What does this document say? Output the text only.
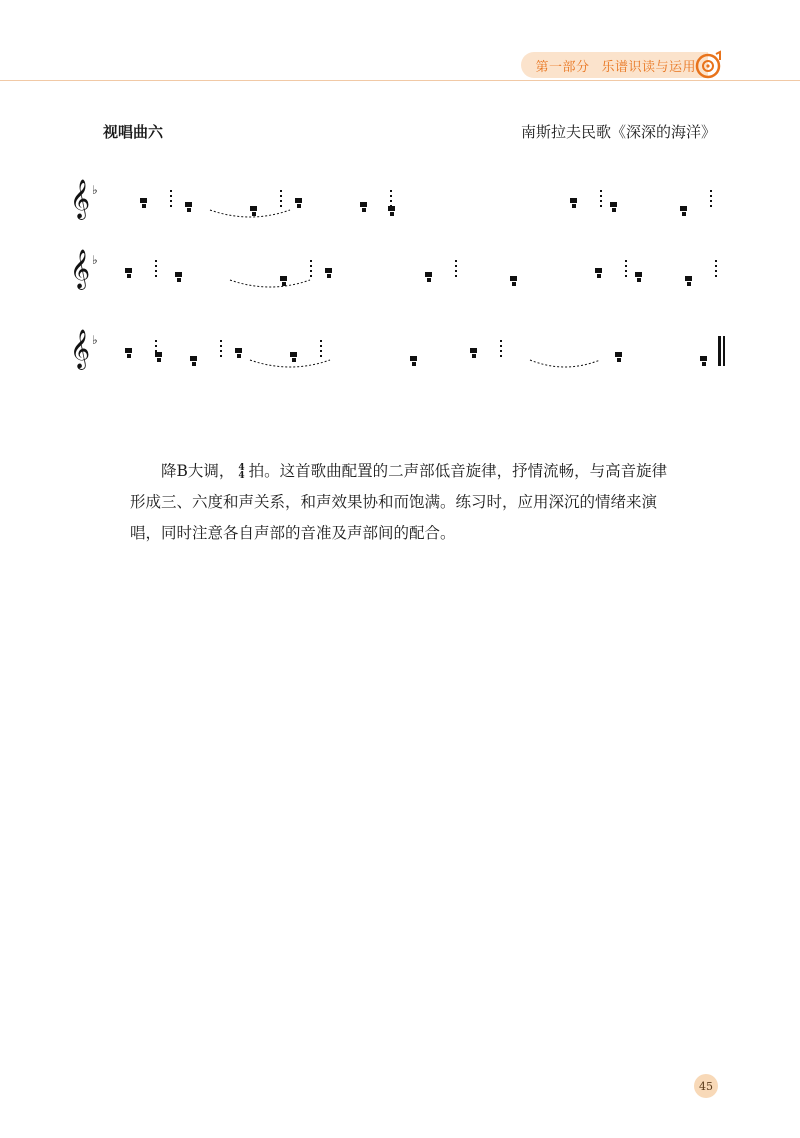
第一部分 乐谱识读与运用
视唱曲六	南斯拉夫民歌《深深的海洋》
𝄞 ♭
𝄞 ♭
𝄞 ♭
降B大调， 4
4 拍。这首歌曲配置的二声部低音旋律，抒情流畅，与高音旋律形成三、六度和声关系，和声效果协和而饱满。练习时，应用深沉的情绪来演唱，同时注意各自声部的音准及声部间的配合。
45
